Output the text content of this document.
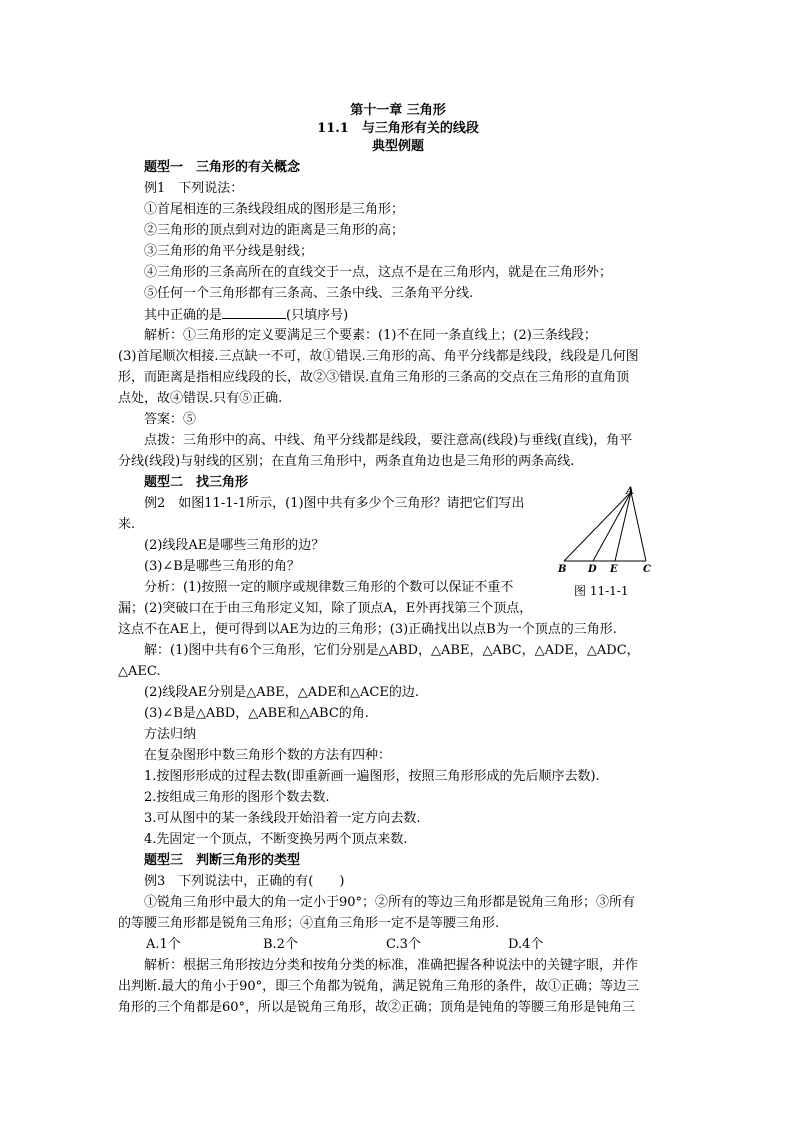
第十一章 三角形
11.1　与三角形有关的线段
典型例题
题型一　三角形的有关概念
例1　下列说法：
①首尾相连的三条线段组成的图形是三角形；
②三角形的顶点到对边的距离是三角形的高；
③三角形的角平分线是射线；
④三角形的三条高所在的直线交于一点，这点不是在三角形内，就是在三角形外；
⑤任何一个三角形都有三条高、三条中线、三条角平分线.
其中正确的是	(只填序号)
解析：①三角形的定义要满足三个要素：(1)不在同一条直线上；(2)三条线段；
(3)首尾顺次相接.三点缺一不可，故①错误.三角形的高、角平分线都是线段，线段是几何图
形，而距离是指相应线段的长，故②③错误.直角三角形的三条高的交点在三角形的直角顶
点处，故④错误.只有⑤正确.
答案：⑤
点拨：三角形中的高、中线、角平分线都是线段，要注意高(线段)与垂线(直线)，角平
分线(线段)与射线的区别；在直角三角形中，两条直角边也是三角形的两条高线.
题型二　找三角形
例2　如图11-1-1所示，(1)图中共有多少个三角形？请把它们写出
来.
(2)线段AE是哪些三角形的边？
(3)∠B是哪些三角形的角？
分析：(1)按照一定的顺序或规律数三角形的个数可以保证不重不
漏；(2)突破口在于由三角形定义知，除了顶点A，E外再找第三个顶点，
这点不在AE上，便可得到以AE为边的三角形；(3)正确找出以点B为一个顶点的三角形.
解：(1)图中共有6个三角形，它们分别是△ABD，△ABE，△ABC，△ADE，△ADC，
△AEC.
(2)线段AE分别是△ABE，△ADE和△ACE的边.
(3)∠B是△ABD，△ABE和△ABC的角.
方法归纳
在复杂图形中数三角形个数的方法有四种：
1.按图形形成的过程去数(即重新画一遍图形，按照三角形形成的先后顺序去数).
2.按组成三角形的图形个数去数.
3.可从图中的某一条线段开始沿着一定方向去数.
4.先固定一个顶点，不断变换另两个顶点来数.
题型三　判断三角形的类型
例3　下列说法中，正确的有(　　)
①锐角三角形中最大的角一定小于90°；②所有的等边三角形都是锐角三角形；③所有
的等腰三角形都是锐角三角形；④直角三角形一定不是等腰三角形.
A.1个	B.2个	C.3个	D.4个
解析：根据三角形按边分类和按角分类的标准，准确把握各种说法中的关键字眼，并作
出判断.最大的角小于90°，即三个角都为锐角，满足锐角三角形的条件，故①正确；等边三
角形的三个角都是60°，所以是锐角三角形，故②正确；顶角是钝角的等腰三角形是钝角三
A
B D E	C
图 11-1-1
